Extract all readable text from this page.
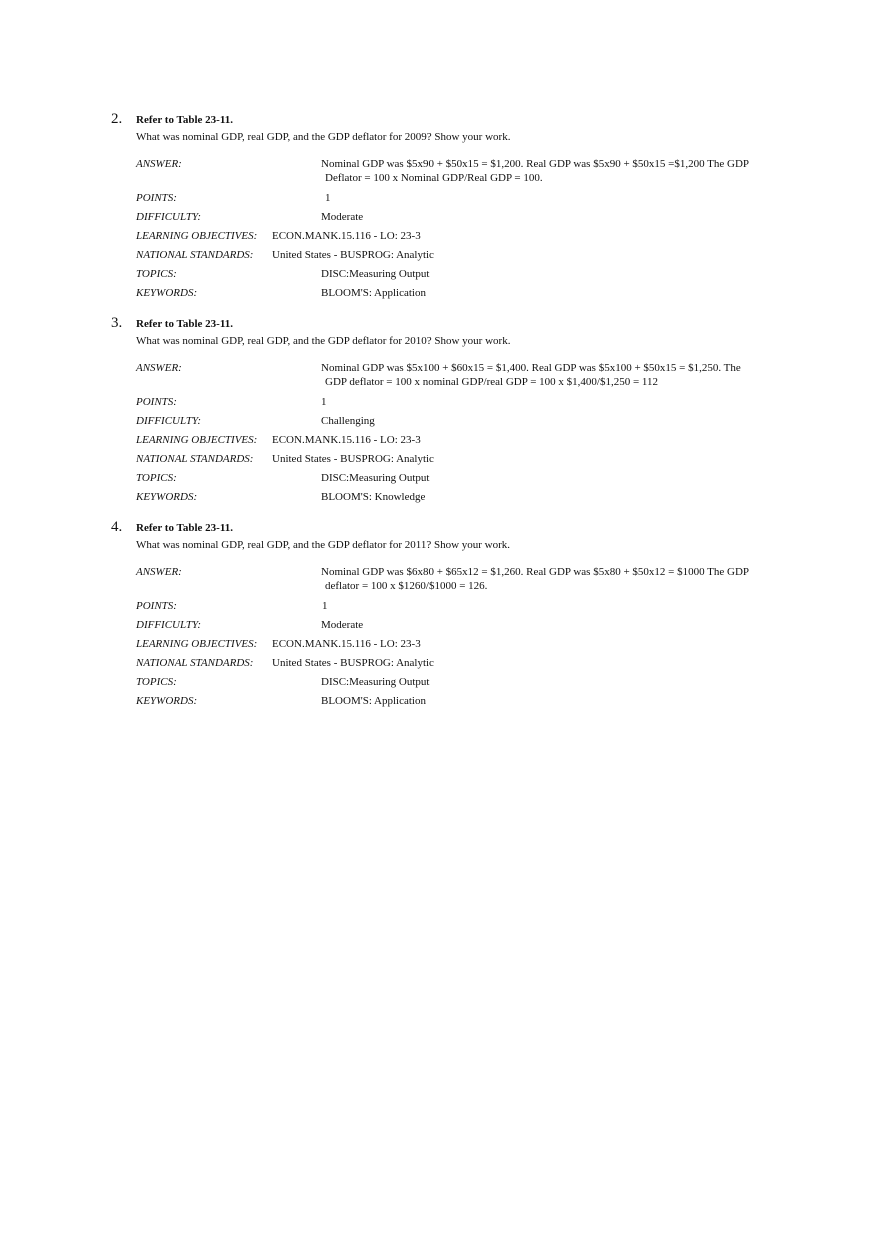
2. Refer to Table 23-11.
What was nominal GDP, real GDP, and the GDP deflator for 2009? Show your work.
ANSWER:	Nominal GDP was $5x90 + $50x15 = $1,200. Real GDP was $5x90 + $50x15 =$1,200 The GDP
Deflator = 100 x Nominal GDP/Real GDP = 100.
POINTS:	1
DIFFICULTY:	Moderate
LEARNING OBJECTIVES: ECON.MANK.15.116 - LO: 23-3
NATIONAL STANDARDS: United States - BUSPROG: Analytic
TOPICS:	DISC:Measuring Output
KEYWORDS:	BLOOM'S: Application
3. Refer to Table 23-11.
What was nominal GDP, real GDP, and the GDP deflator for 2010? Show your work.
ANSWER:	Nominal GDP was $5x100 + $60x15 = $1,400. Real GDP was $5x100 + $50x15 = $1,250. The
GDP deflator = 100 x nominal GDP/real GDP = 100 x $1,400/$1,250 = 112
POINTS:	1
DIFFICULTY:	Challenging
LEARNING OBJECTIVES: ECON.MANK.15.116 - LO: 23-3
NATIONAL STANDARDS: United States - BUSPROG: Analytic
TOPICS:	DISC:Measuring Output
KEYWORDS:	BLOOM'S: Knowledge
4. Refer to Table 23-11.
What was nominal GDP, real GDP, and the GDP deflator for 2011? Show your work.
ANSWER:	Nominal GDP was $6x80 + $65x12 = $1,260. Real GDP was $5x80 + $50x12 = $1000 The GDP
deflator = 100 x $1260/$1000 = 126.
POINTS:	1
DIFFICULTY:	Moderate
LEARNING OBJECTIVES: ECON.MANK.15.116 - LO: 23-3
NATIONAL STANDARDS: United States - BUSPROG: Analytic
TOPICS:	DISC:Measuring Output
KEYWORDS:	BLOOM'S: Application
